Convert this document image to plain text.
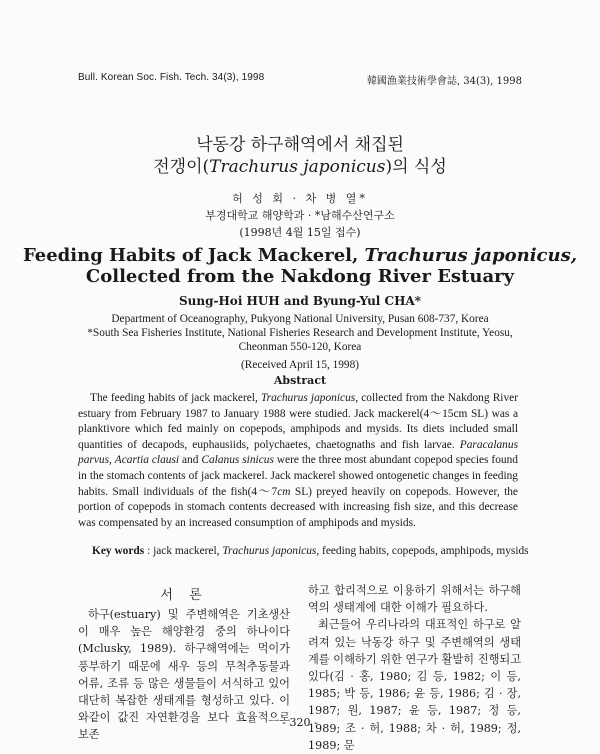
Bull. Korean Soc. Fish. Tech. 34(3), 1998	韓國漁業技術學會誌, 34(3), 1998
낙동강 하구해역에서 채집된
전갱이(Trachurus japonicus)의 식성
허 성 회 · 차 병 열*
부경대학교 해양학과 · *남해수산연구소
(1998년 4월 15일 접수)
Feeding Habits of Jack Mackerel, Trachurus japonicus,
Collected from the Nakdong River Estuary
Sung-Hoi HUH and Byung-Yul CHA*
Department of Oceanography, Pukyong National University, Pusan 608-737, Korea
*South Sea Fisheries Institute, National Fisheries Research and Development Institute, Yeosu,
Cheonman 550-120, Korea
(Received April 15, 1998)
Abstract
The feeding habits of jack mackerel, Trachurus japonicus, collected from the Nakdong River estuary from February 1987 to January 1988 were studied. Jack mackerel(4～15cm SL) was a planktivore which fed mainly on copepods, amphipods and mysids. Its diets included small quantities of decapods, euphausiids, polychaetes, chaetognaths and fish larvae. Paracalanus parvus, Acartia clausi and Calanus sinicus were the three most abundant copepod species found in the stomach contents of jack mackerel. Jack mackerel showed ontogenetic changes in feeding habits. Small individuals of the fish(4～7cm SL) preyed heavily on copepods. However, the portion of copepods in stomach contents decreased with increasing fish size, and this decrease was compensated by an increased consumption of amphipods and mysids.
Key words : jack mackerel, Trachurus japonicus, feeding habits, copepods, amphipods, mysids
서 론

하구(estuary) 및 주변해역은 기초생산이 매우 높은 해양환경 중의 하나이다(Mclusky, 1989). 하구해역에는 먹이가 풍부하기 때문에 새우 등의 무척추동물과 어류, 조류 등 많은 생물들이 서식하고 있어 대단히 복잡한 생태계를 형성하고 있다. 이와같이 값진 자연환경을 보다 효율적으로 보존

하고 합리적으로 이용하기 위해서는 하구해역의 생태계에 대한 이해가 필요하다.

최근들어 우리나라의 대표적인 하구로 알려져 있는 낙동강 하구 및 주변해역의 생태계를 이해하기 위한 연구가 활발히 진행되고 있다(김 · 홍, 1980; 김 등, 1982; 이 등, 1985; 박 등, 1986; 윤 등, 1986; 김 · 장, 1987; 원, 1987; 윤 등, 1987; 정 등, 1989; 조 · 허, 1988; 차 · 허, 1989; 정, 1989; 문

- 320 -
